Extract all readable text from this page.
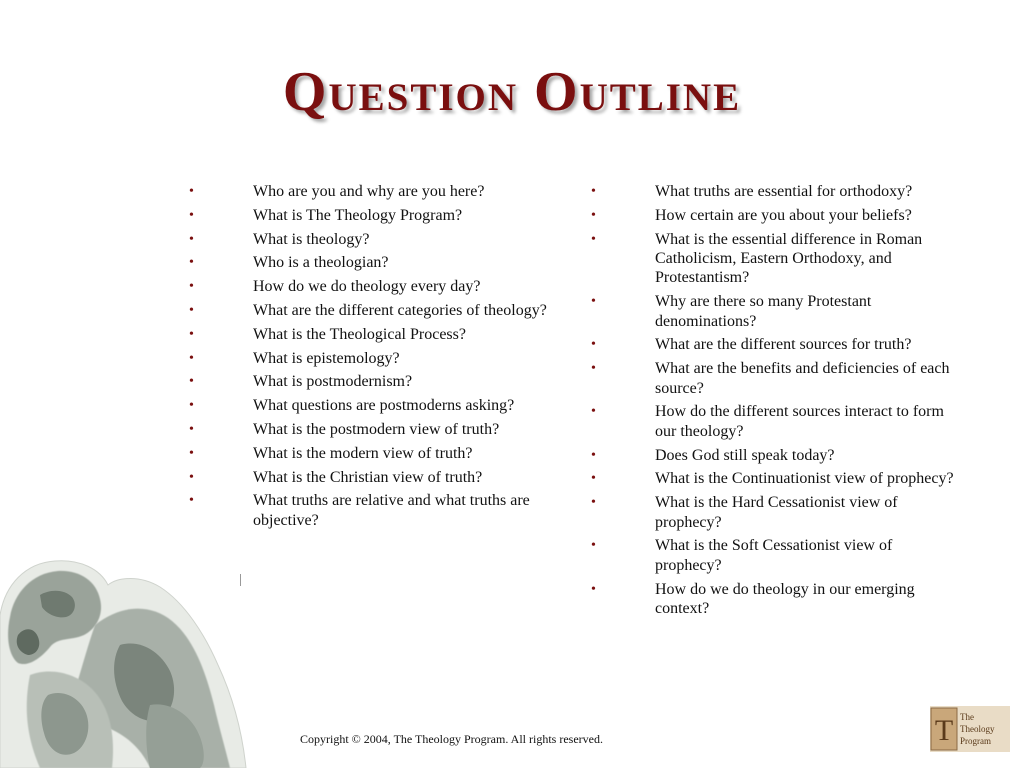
Question Outline
•	Who are you and why are you here?
•	What is The Theology Program?
•	What is theology?
•	Who is a theologian?
•	How do we do theology every day?
•	What are the different categories of theology?
•	What is the Theological Process?
•	What is epistemology?
•	What is postmodernism?
•	What questions are postmoderns asking?
•	What is the postmodern view of truth?
•	What is the modern view of truth?
•	What is the Christian view of truth?
•	What truths are relative and what truths are objective?
•	What truths are essential for orthodoxy?
•	How certain are you about your beliefs?
•	What is the essential difference in Roman Catholicism, Eastern Orthodoxy, and Protestantism?
•	Why are there so many Protestant denominations?
•	What are the different sources for truth?
•	What are the benefits and deficiencies of each source?
•	How do the different sources interact to form our theology?
•	Does God still speak today?
•	What is the Continuationist view of prophecy?
•	What is the Hard Cessationist view of prophecy?
•	What is the Soft Cessationist view of prophecy?
•	How do we do theology in our emerging context?
Copyright © 2004, The Theology Program. All rights reserved.	T The
Theology
Program
